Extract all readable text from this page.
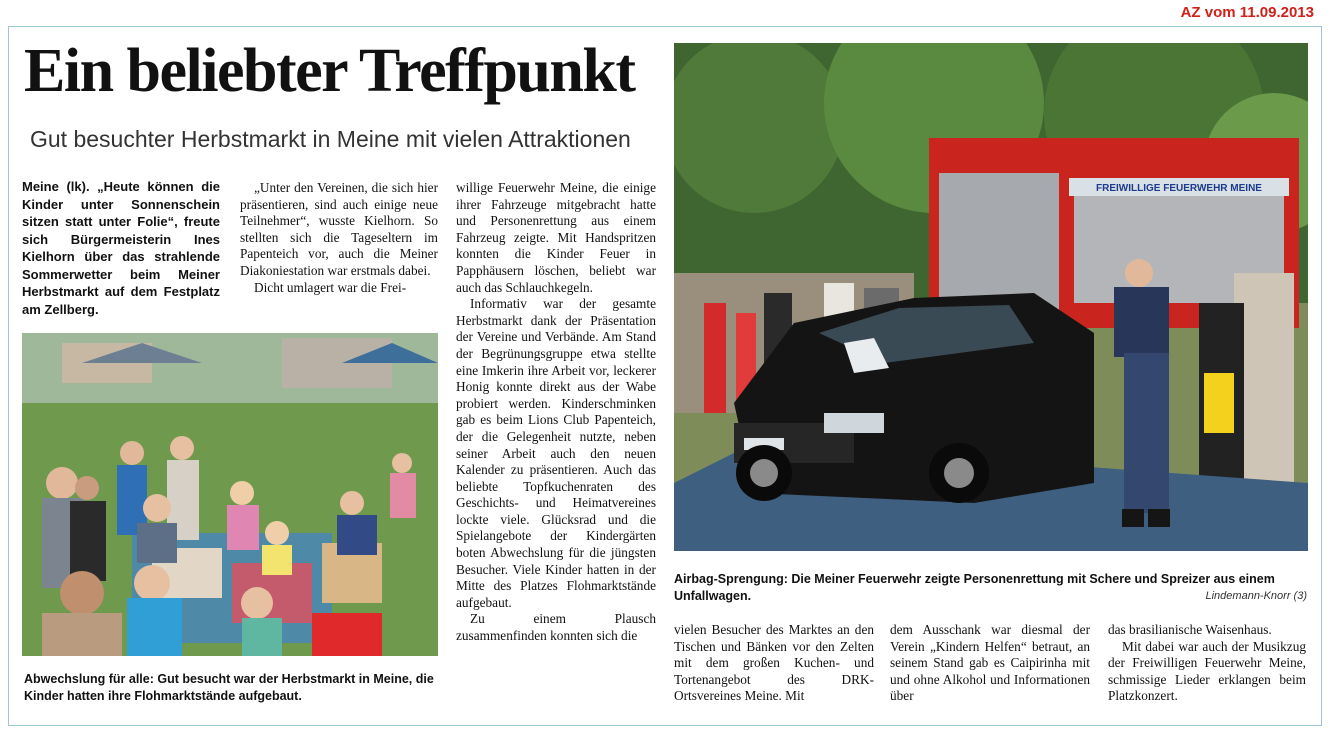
AZ vom 11.09.2013
Ein beliebter Treffpunkt
Gut besuchter Herbstmarkt in Meine mit vielen Attraktionen
Meine (lk). „Heute können die Kinder unter Sonnenschein sitzen statt unter Folie“, freute sich Bürgermeisterin Ines Kielhorn über das strahlende Sommerwetter beim Meiner Herbstmarkt auf dem Festplatz am Zellberg.

„Unter den Vereinen, die sich hier präsentieren, sind auch einige neue Teilnehmer“, wusste Kielhorn. So stellten sich die Tageseltern im Papenteich vor, auch die Meiner Diakoniestation war erstmals dabei.

Dicht umlagert war die Frei-

willige Feuerwehr Meine, die einige ihrer Fahrzeuge mitgebracht hatte und Personenrettung aus einem Fahrzeug zeigte. Mit Handspritzen konnten die Kinder Feuer in Papphäusern löschen, beliebt war auch das Schlauchkegeln.

Informativ war der gesamte Herbstmarkt dank der Präsentation der Vereine und Verbände. Am Stand der Begrünungsgruppe etwa stellte eine Imkerin ihre Arbeit vor, leckerer Honig konnte direkt aus der Wabe probiert werden. Kinderschminken gab es beim Lions Club Papenteich, der die Gelegenheit nutzte, neben seiner Arbeit auch den neuen Kalender zu präsentieren. Auch das beliebte Topfkuchenraten des Geschichts- und Heimatvereines lockte viele. Glücksrad und die Spielangebote der Kindergärten boten Abwechslung für die jüngsten Besucher. Viele Kinder hatten in der Mitte des Platzes Flohmarktstände aufgebaut.

Zu einem Plausch zusammenfinden konnten sich die	vielen Besucher des Marktes an den Tischen und Bänken vor den Zelten mit dem großen Kuchen- und Tortenangebot des DRK-Ortsvereines Meine. Mit

dem Ausschank war diesmal der Verein „Kindern Helfen“ betraut, an seinem Stand gab es Caipirinha mit und ohne Alkohol und Informationen über

das brasilianische Waisenhaus.

Mit dabei war auch der Musikzug der Freiwilligen Feuerwehr Meine, schmissige Lieder erklangen beim Platzkonzert.

Abwechslung für alle: Gut besucht war der Herbstmarkt in Meine, die Kinder hatten ihre Flohmarktstände aufgebaut.
FREIWILLIGE FEUERWEHR MEINE
Airbag-Sprengung: Die Meiner Feuerwehr zeigte Personenrettung mit Schere und Spreizer aus einem Unfallwagen.	Lindemann-Knorr (3)
